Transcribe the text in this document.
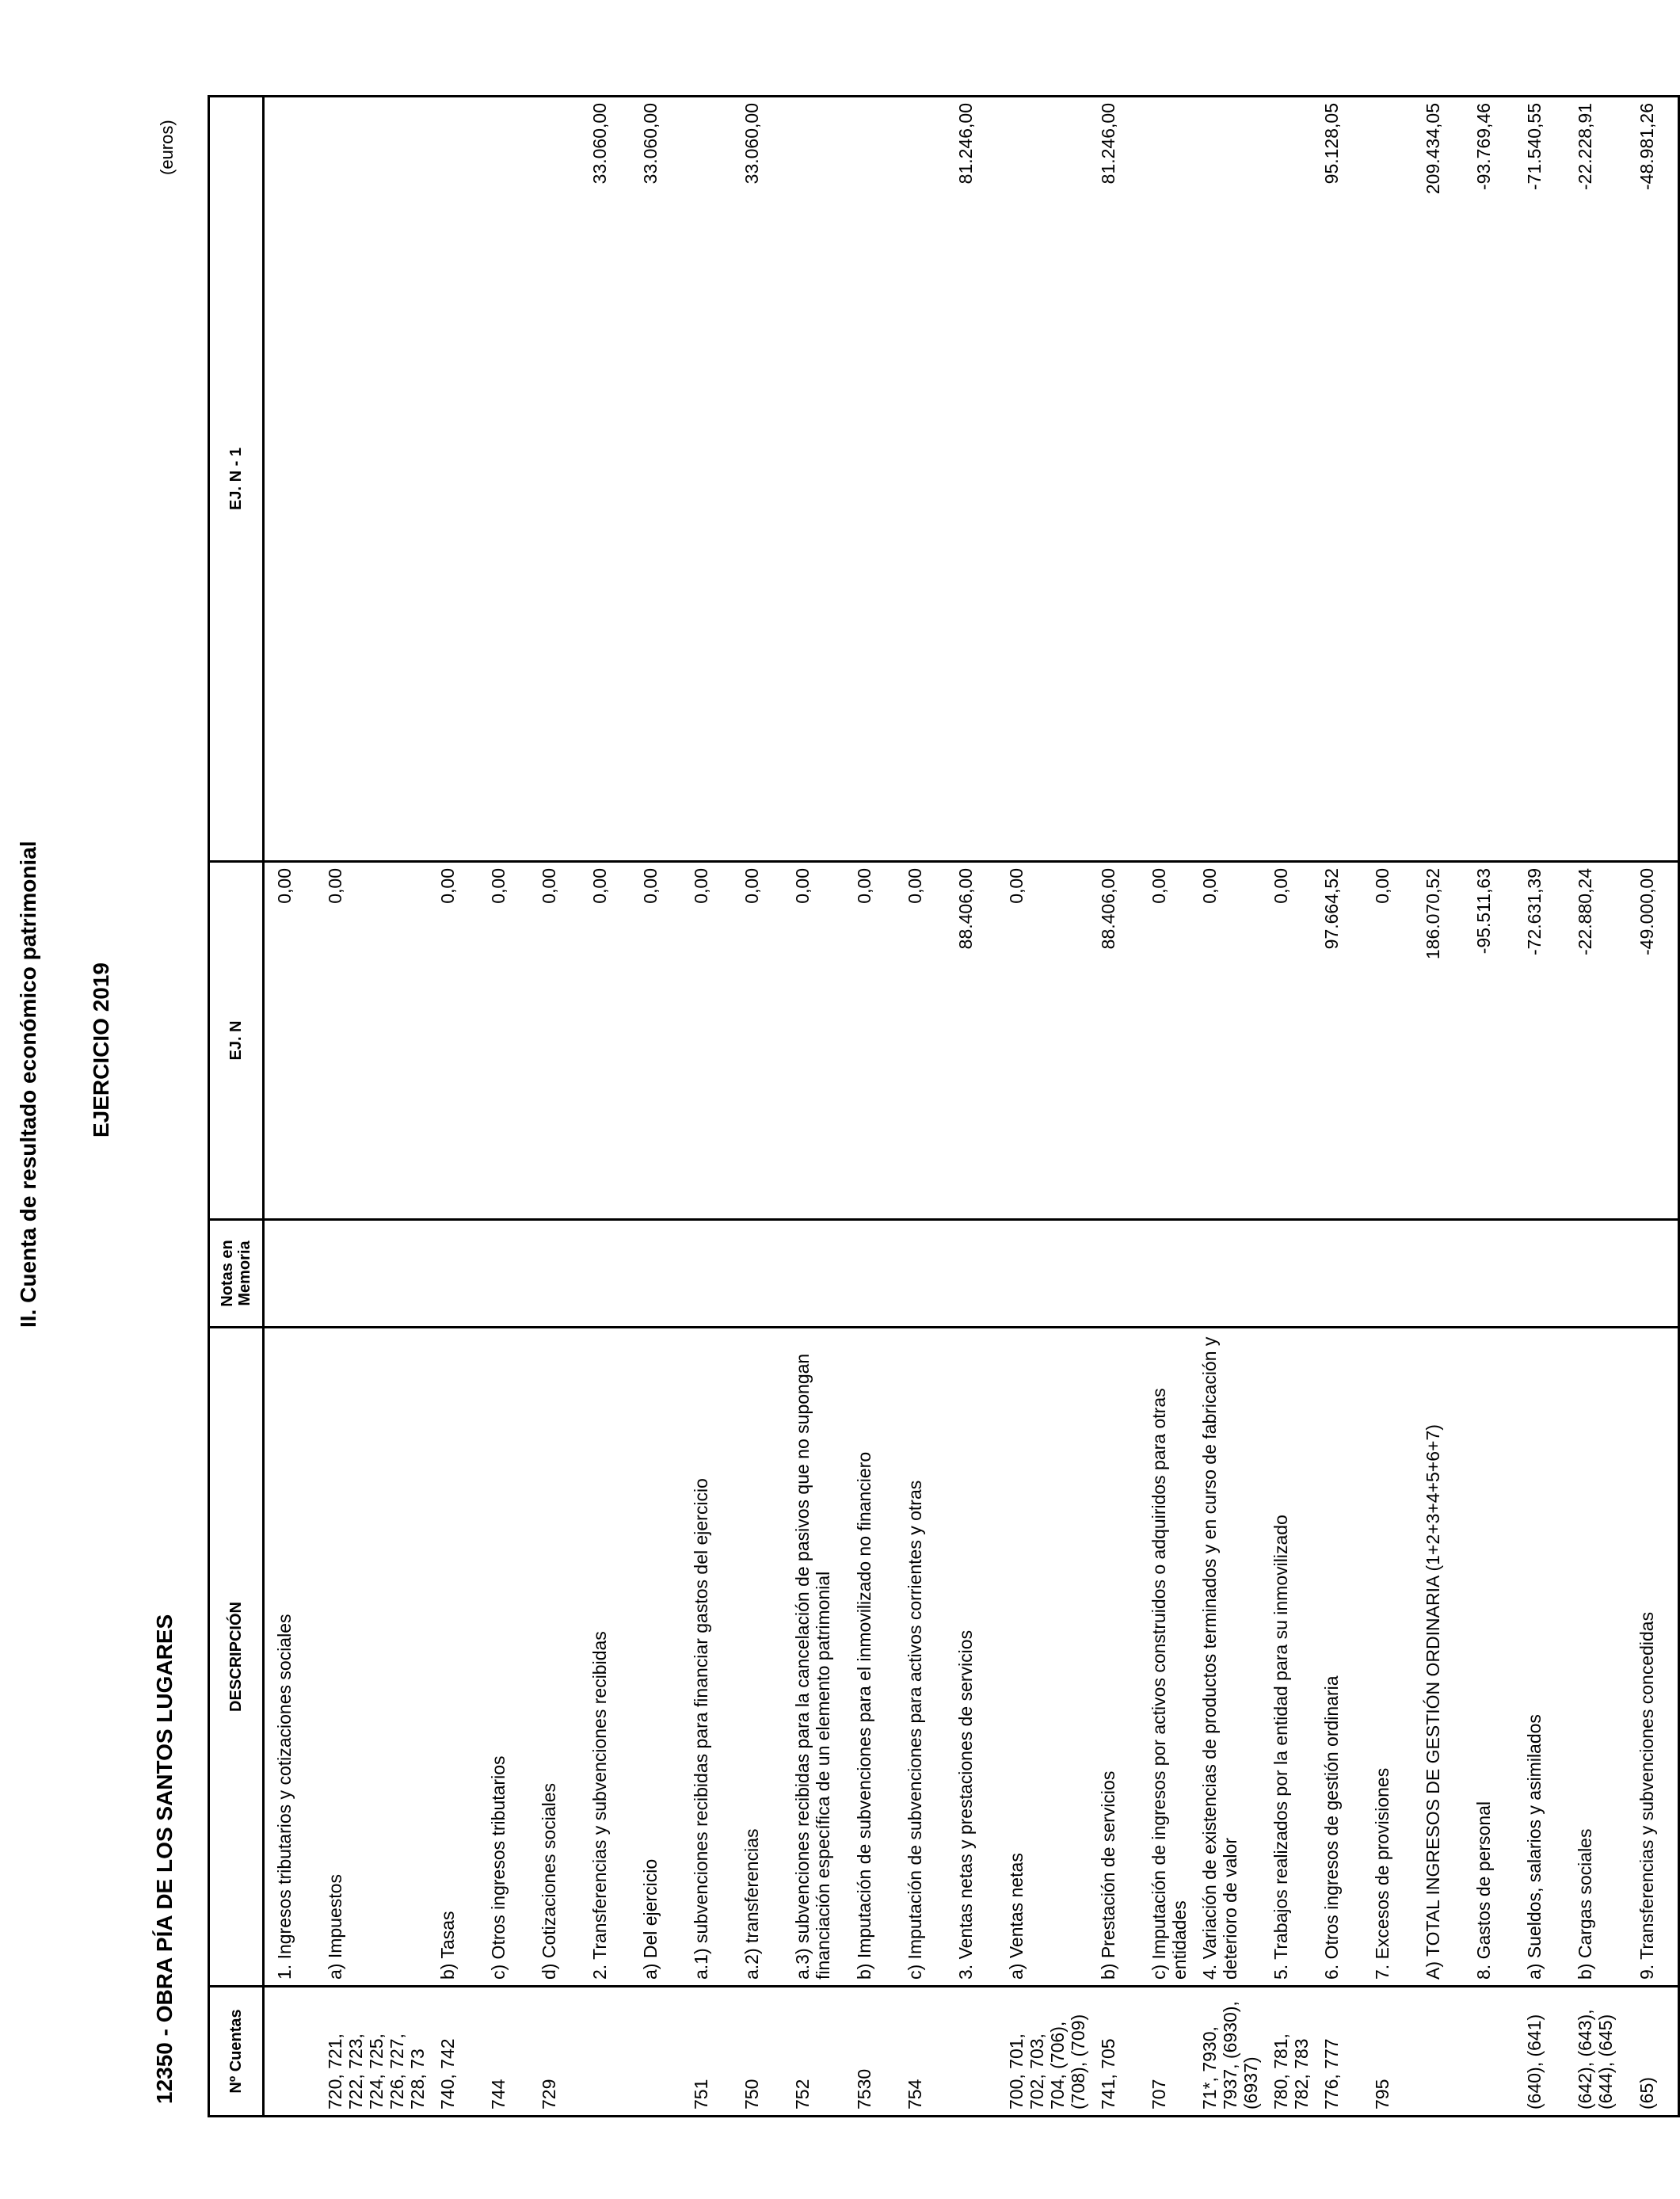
II. Cuenta de resultado económico patrimonial EJERCICIO 2019
12350 - OBRA PÍA DE LOS SANTOS LUGARES
(euros)
Nº Cuentas	DESCRIPCIÓN	Notas en Memoria	EJ. N	EJ. N - 1
	1. Ingresos tributarios y cotizaciones sociales		0,00	
720, 721, 722, 723, 724, 725, 726, 727, 728, 73	a) Impuestos		0,00	
740, 742	b) Tasas		0,00	
744	c) Otros ingresos tributarios		0,00	
729	d) Cotizaciones sociales		0,00	
	2. Transferencias y subvenciones recibidas		0,00	33.060,00
	a) Del ejercicio		0,00	33.060,00
751	a.1) subvenciones recibidas para financiar gastos del ejercicio		0,00	
750	a.2) transferencias		0,00	33.060,00
752	a.3) subvenciones recibidas para la cancelación de pasivos que no supongan financiación específica de un elemento patrimonial		0,00	
7530	b) Imputación de subvenciones para el inmovilizado no financiero		0,00	
754	c) Imputación de subvenciones para activos corrientes y otras		0,00	
	3. Ventas netas y prestaciones de servicios		88.406,00	81.246,00
700, 701, 702, 703, 704, (706), (708), (709)	a) Ventas netas		0,00	
741, 705	b) Prestación de servicios		88.406,00	81.246,00
707	c) Imputación de ingresos por activos construidos o adquiridos para otras entidades		0,00	
71*, 7930, 7937, (6930), (6937)	4. Variación de existencias de productos terminados y en curso de fabricación y deterioro de valor		0,00	
780, 781, 782, 783	5. Trabajos realizados por la entidad para su inmovilizado		0,00	
776, 777	6. Otros ingresos de gestión ordinaria		97.664,52	95.128,05
795	7. Excesos de provisiones		0,00	
	A) TOTAL INGRESOS DE GESTIÓN ORDINARIA (1+2+3+4+5+6+7)		186.070,52	209.434,05
	8. Gastos de personal		-95.511,63	-93.769,46
(640), (641)	a) Sueldos, salarios y asimilados		-72.631,39	-71.540,55
(642), (643), (644), (645)	b) Cargas sociales		-22.880,24	-22.228,91
(65)	9. Transferencias y subvenciones concedidas		-49.000,00	-48.981,26
